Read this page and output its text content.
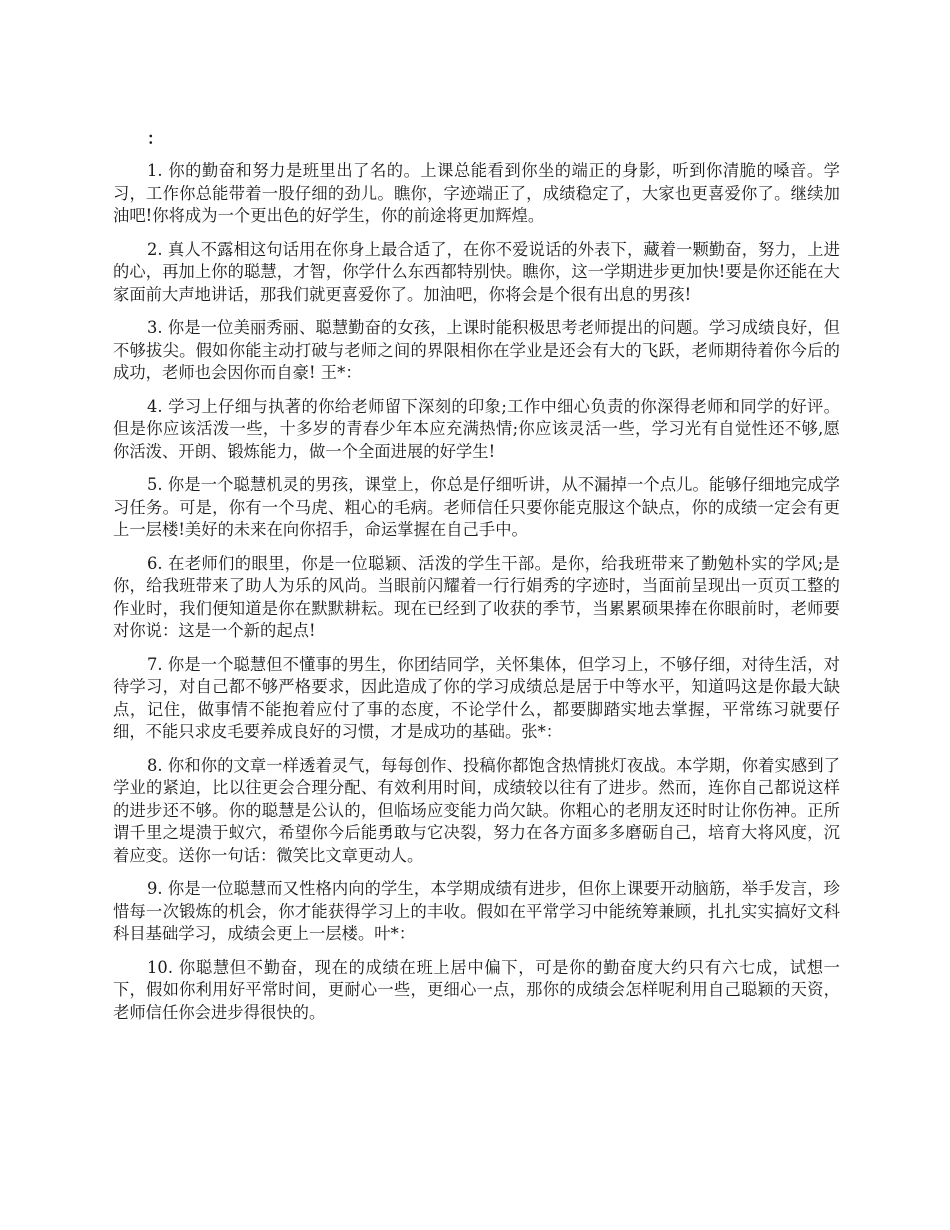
：

1. 你的勤奋和努力是班里出了名的。上课总能看到你坐的端正的身影，听到你清脆的嗓音。学习，工作你总能带着一股仔细的劲儿。瞧你，字迹端正了，成绩稳定了，大家也更喜爱你了。继续加油吧!你将成为一个更出色的好学生，你的前途将更加辉煌。

2. 真人不露相这句话用在你身上最合适了，在你不爱说话的外表下，藏着一颗勤奋，努力，上进的心，再加上你的聪慧，才智，你学什么东西都特别快。瞧你，这一学期进步更加快!要是你还能在大家面前大声地讲话，那我们就更喜爱你了。加油吧，你将会是个很有出息的男孩!

3. 你是一位美丽秀丽、聪慧勤奋的女孩，上课时能积极思考老师提出的问题。学习成绩良好，但不够拔尖。假如你能主动打破与老师之间的界限相你在学业是还会有大的飞跃，老师期待着你今后的成功，老师也会因你而自豪! 王*：

4. 学习上仔细与执著的你给老师留下深刻的印象;工作中细心负责的你深得老师和同学的好评。但是你应该活泼一些，十多岁的青春少年本应充满热情;你应该灵活一些，学习光有自觉性还不够,愿你活泼、开朗、锻炼能力，做一个全面进展的好学生!

5. 你是一个聪慧机灵的男孩，课堂上，你总是仔细听讲，从不漏掉一个点儿。能够仔细地完成学习任务。可是，你有一个马虎、粗心的毛病。老师信任只要你能克服这个缺点，你的成绩一定会有更上一层楼!美好的未来在向你招手，命运掌握在自己手中。

6. 在老师们的眼里，你是一位聪颖、活泼的学生干部。是你，给我班带来了勤勉朴实的学风;是你，给我班带来了助人为乐的风尚。当眼前闪耀着一行行娟秀的字迹时，当面前呈现出一页页工整的作业时，我们便知道是你在默默耕耘。现在已经到了收获的季节，当累累硕果捧在你眼前时，老师要对你说：这是一个新的起点!

7. 你是一个聪慧但不懂事的男生，你团结同学，关怀集体，但学习上，不够仔细，对待生活，对待学习，对自己都不够严格要求，因此造成了你的学习成绩总是居于中等水平，知道吗这是你最大缺点，记住，做事情不能抱着应付了事的态度，不论学什么，都要脚踏实地去掌握，平常练习就要仔细，不能只求皮毛要养成良好的习惯，才是成功的基础。张*：

8. 你和你的文章一样透着灵气，每每创作、投稿你都饱含热情挑灯夜战。本学期，你着实感到了学业的紧迫，比以往更会合理分配、有效利用时间，成绩较以往有了进步。然而，连你自己都说这样的进步还不够。你的聪慧是公认的，但临场应变能力尚欠缺。你粗心的老朋友还时时让你伤神。正所谓千里之堤溃于蚁穴，希望你今后能勇敢与它决裂，努力在各方面多多磨砺自己，培育大将风度，沉着应变。送你一句话：微笑比文章更动人。

9. 你是一位聪慧而又性格内向的学生，本学期成绩有进步，但你上课要开动脑筋，举手发言，珍惜每一次锻炼的机会，你才能获得学习上的丰收。假如在平常学习中能统筹兼顾，扎扎实实搞好文科科目基础学习，成绩会更上一层楼。叶*：

10. 你聪慧但不勤奋，现在的成绩在班上居中偏下，可是你的勤奋度大约只有六七成，试想一下，假如你利用好平常时间，更耐心一些，更细心一点，那你的成绩会怎样呢利用自己聪颖的天资，老师信任你会进步得很快的。
